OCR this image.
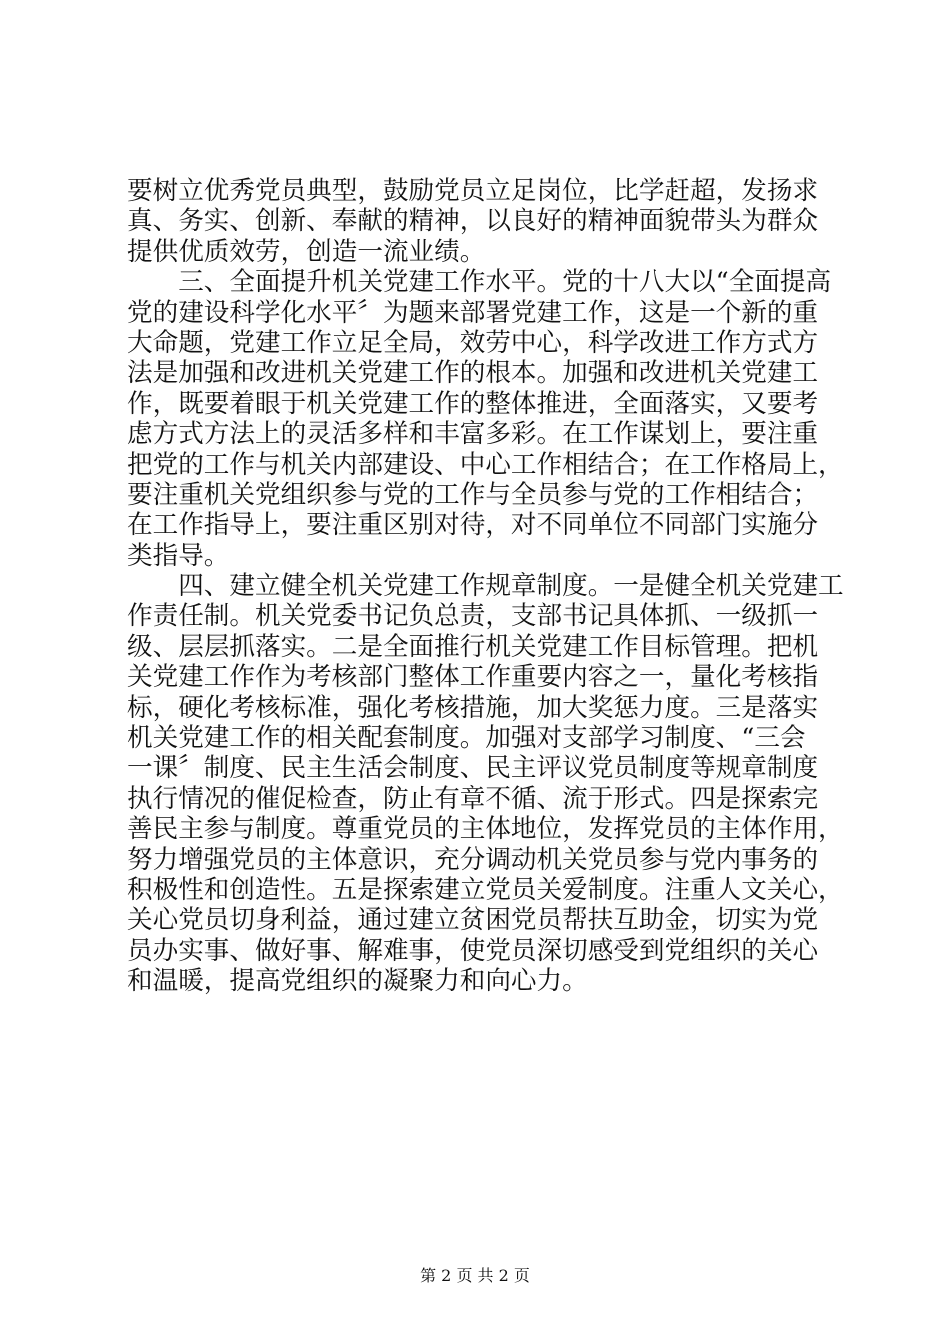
要树立优秀党员典型，鼓励党员立足岗位，比学赶超，发扬求
真、务实、创新、奉献的精神，以良好的精神面貌带头为群众
提供优质效劳，创造一流业绩。

　　三、全面提升机关党建工作水平。党的十八大以“全面提高
党的建设科学化水平〞为题来部署党建工作，这是一个新的重
大命题，党建工作立足全局，效劳中心，科学改进工作方式方
法是加强和改进机关党建工作的根本。加强和改进机关党建工
作，既要着眼于机关党建工作的整体推进，全面落实，又要考
虑方式方法上的灵活多样和丰富多彩。在工作谋划上，要注重
把党的工作与机关内部建设、中心工作相结合；在工作格局上，
要注重机关党组织参与党的工作与全员参与党的工作相结合；
在工作指导上，要注重区别对待，对不同单位不同部门实施分
类指导。

　　四、建立健全机关党建工作规章制度。一是健全机关党建工
作责任制。机关党委书记负总责，支部书记具体抓、一级抓一
级、层层抓落实。二是全面推行机关党建工作目标管理。把机
关党建工作作为考核部门整体工作重要内容之一，量化考核指
标，硬化考核标准，强化考核措施，加大奖惩力度。三是落实
机关党建工作的相关配套制度。加强对支部学习制度、“三会
一课〞制度、民主生活会制度、民主评议党员制度等规章制度
执行情况的催促检查，防止有章不循、流于形式。四是探索完
善民主参与制度。尊重党员的主体地位，发挥党员的主体作用，
努力增强党员的主体意识，充分调动机关党员参与党内事务的
积极性和创造性。五是探索建立党员关爱制度。注重人文关心，
关心党员切身利益，通过建立贫困党员帮扶互助金，切实为党
员办实事、做好事、解难事，使党员深切感受到党组织的关心
和温暖，提高党组织的凝聚力和向心力。

第 2 页 共 2 页
